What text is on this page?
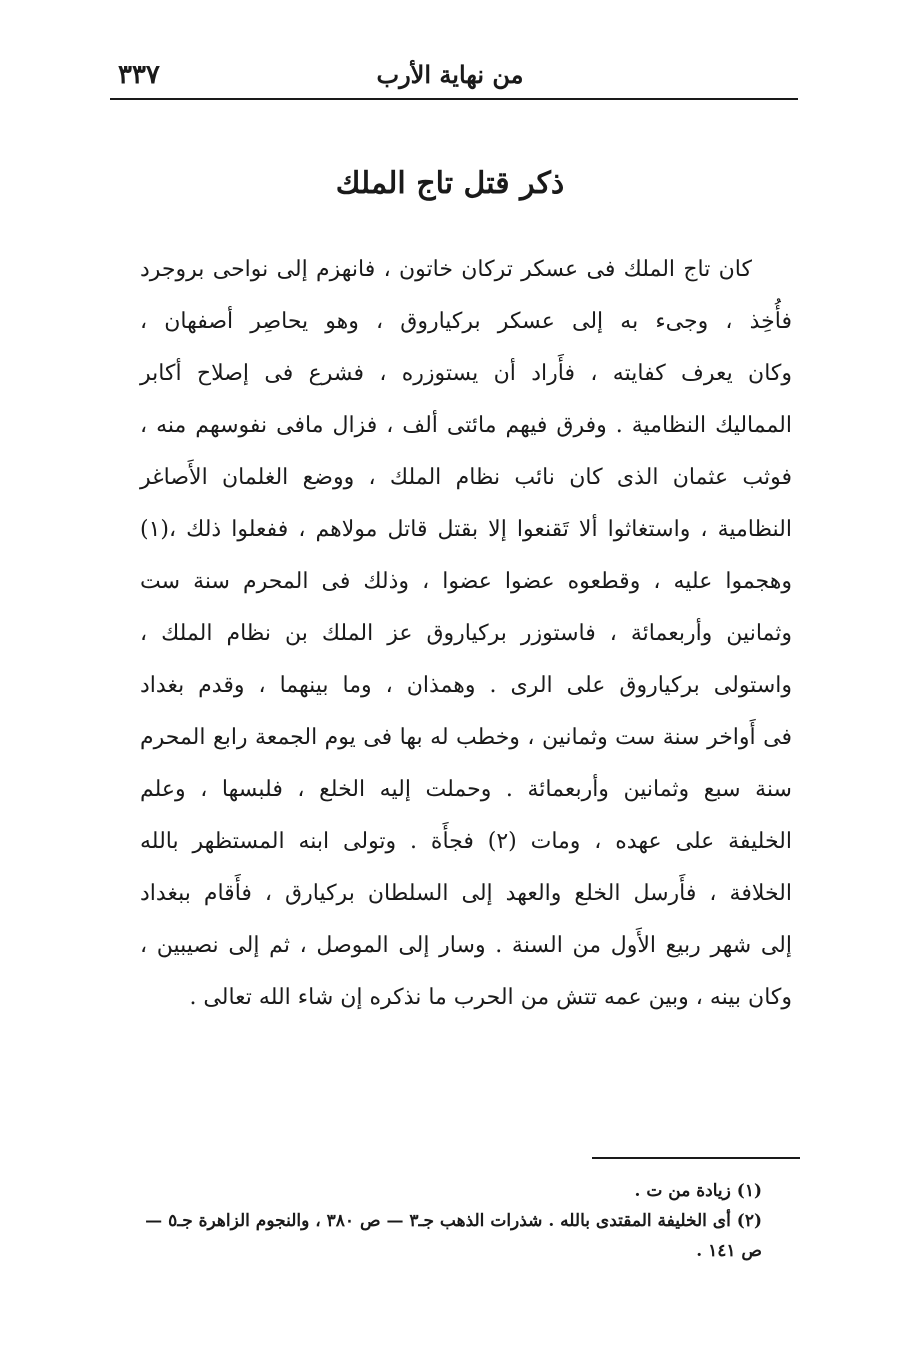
من نهاية الأرب
٣٣٧
ذكر قتل تاج الملك
كان تاج الملك فى عسكر تركان خاتون ، فانهزم إلى نواحى بروجرد
فأُخِذ ، وجىء به إلى عسكر بركياروق ، وهو يحاصِر أصفهان ،
وكان يعرف كفايته ، فأَراد أن يستوزره ، فشرع فى إصلاح أكابر
المماليك النظامية . وفرق فيهم مائتى ألف ، فزال مافى نفوسهم منه ،
فوثب عثمان الذى كان نائب نظام الملك ، ووضع الغلمان الأَصاغر
النظامية ، واستغاثوا ألا تَقنعوا إلا بقتل قاتل مولاهم ، ففعلوا ذلك ،(١)
وهجموا عليه ، وقطعوه عضوا عضوا ، وذلك فى المحرم سنة ست
وثمانين وأربعمائة ، فاستوزر بركياروق عز الملك بن نظام الملك ،
واستولى بركياروق على الرى . وهمذان ، وما بينهما ، وقدم بغداد
فى أَواخر سنة ست وثمانين ، وخطب له بها فى يوم الجمعة رابع المحرم
سنة سبع وثمانين وأربعمائة . وحملت إليه الخلع ، فلبسها ، وعلم
الخليفة على عهده ، ومات (٢) فجأَة . وتولى ابنه المستظهر بالله
الخلافة ، فأَرسل الخلع والعهد إلى السلطان بركيارق ، فأَقام ببغداد
إلى شهر ربيع الأَول من السنة . وسار إلى الموصل ، ثم إلى نصيبين ،
وكان بينه ، وبين عمه تتش من الحرب ما نذكره إن شاء الله تعالى .
(١) زيادة من ت .
(٢) أى الخليفة المقتدى بالله . شذرات الذهب جـ٣ — ص ٣٨٠ ، والنجوم الزاهرة جـ٥ —
ص ١٤١ .
